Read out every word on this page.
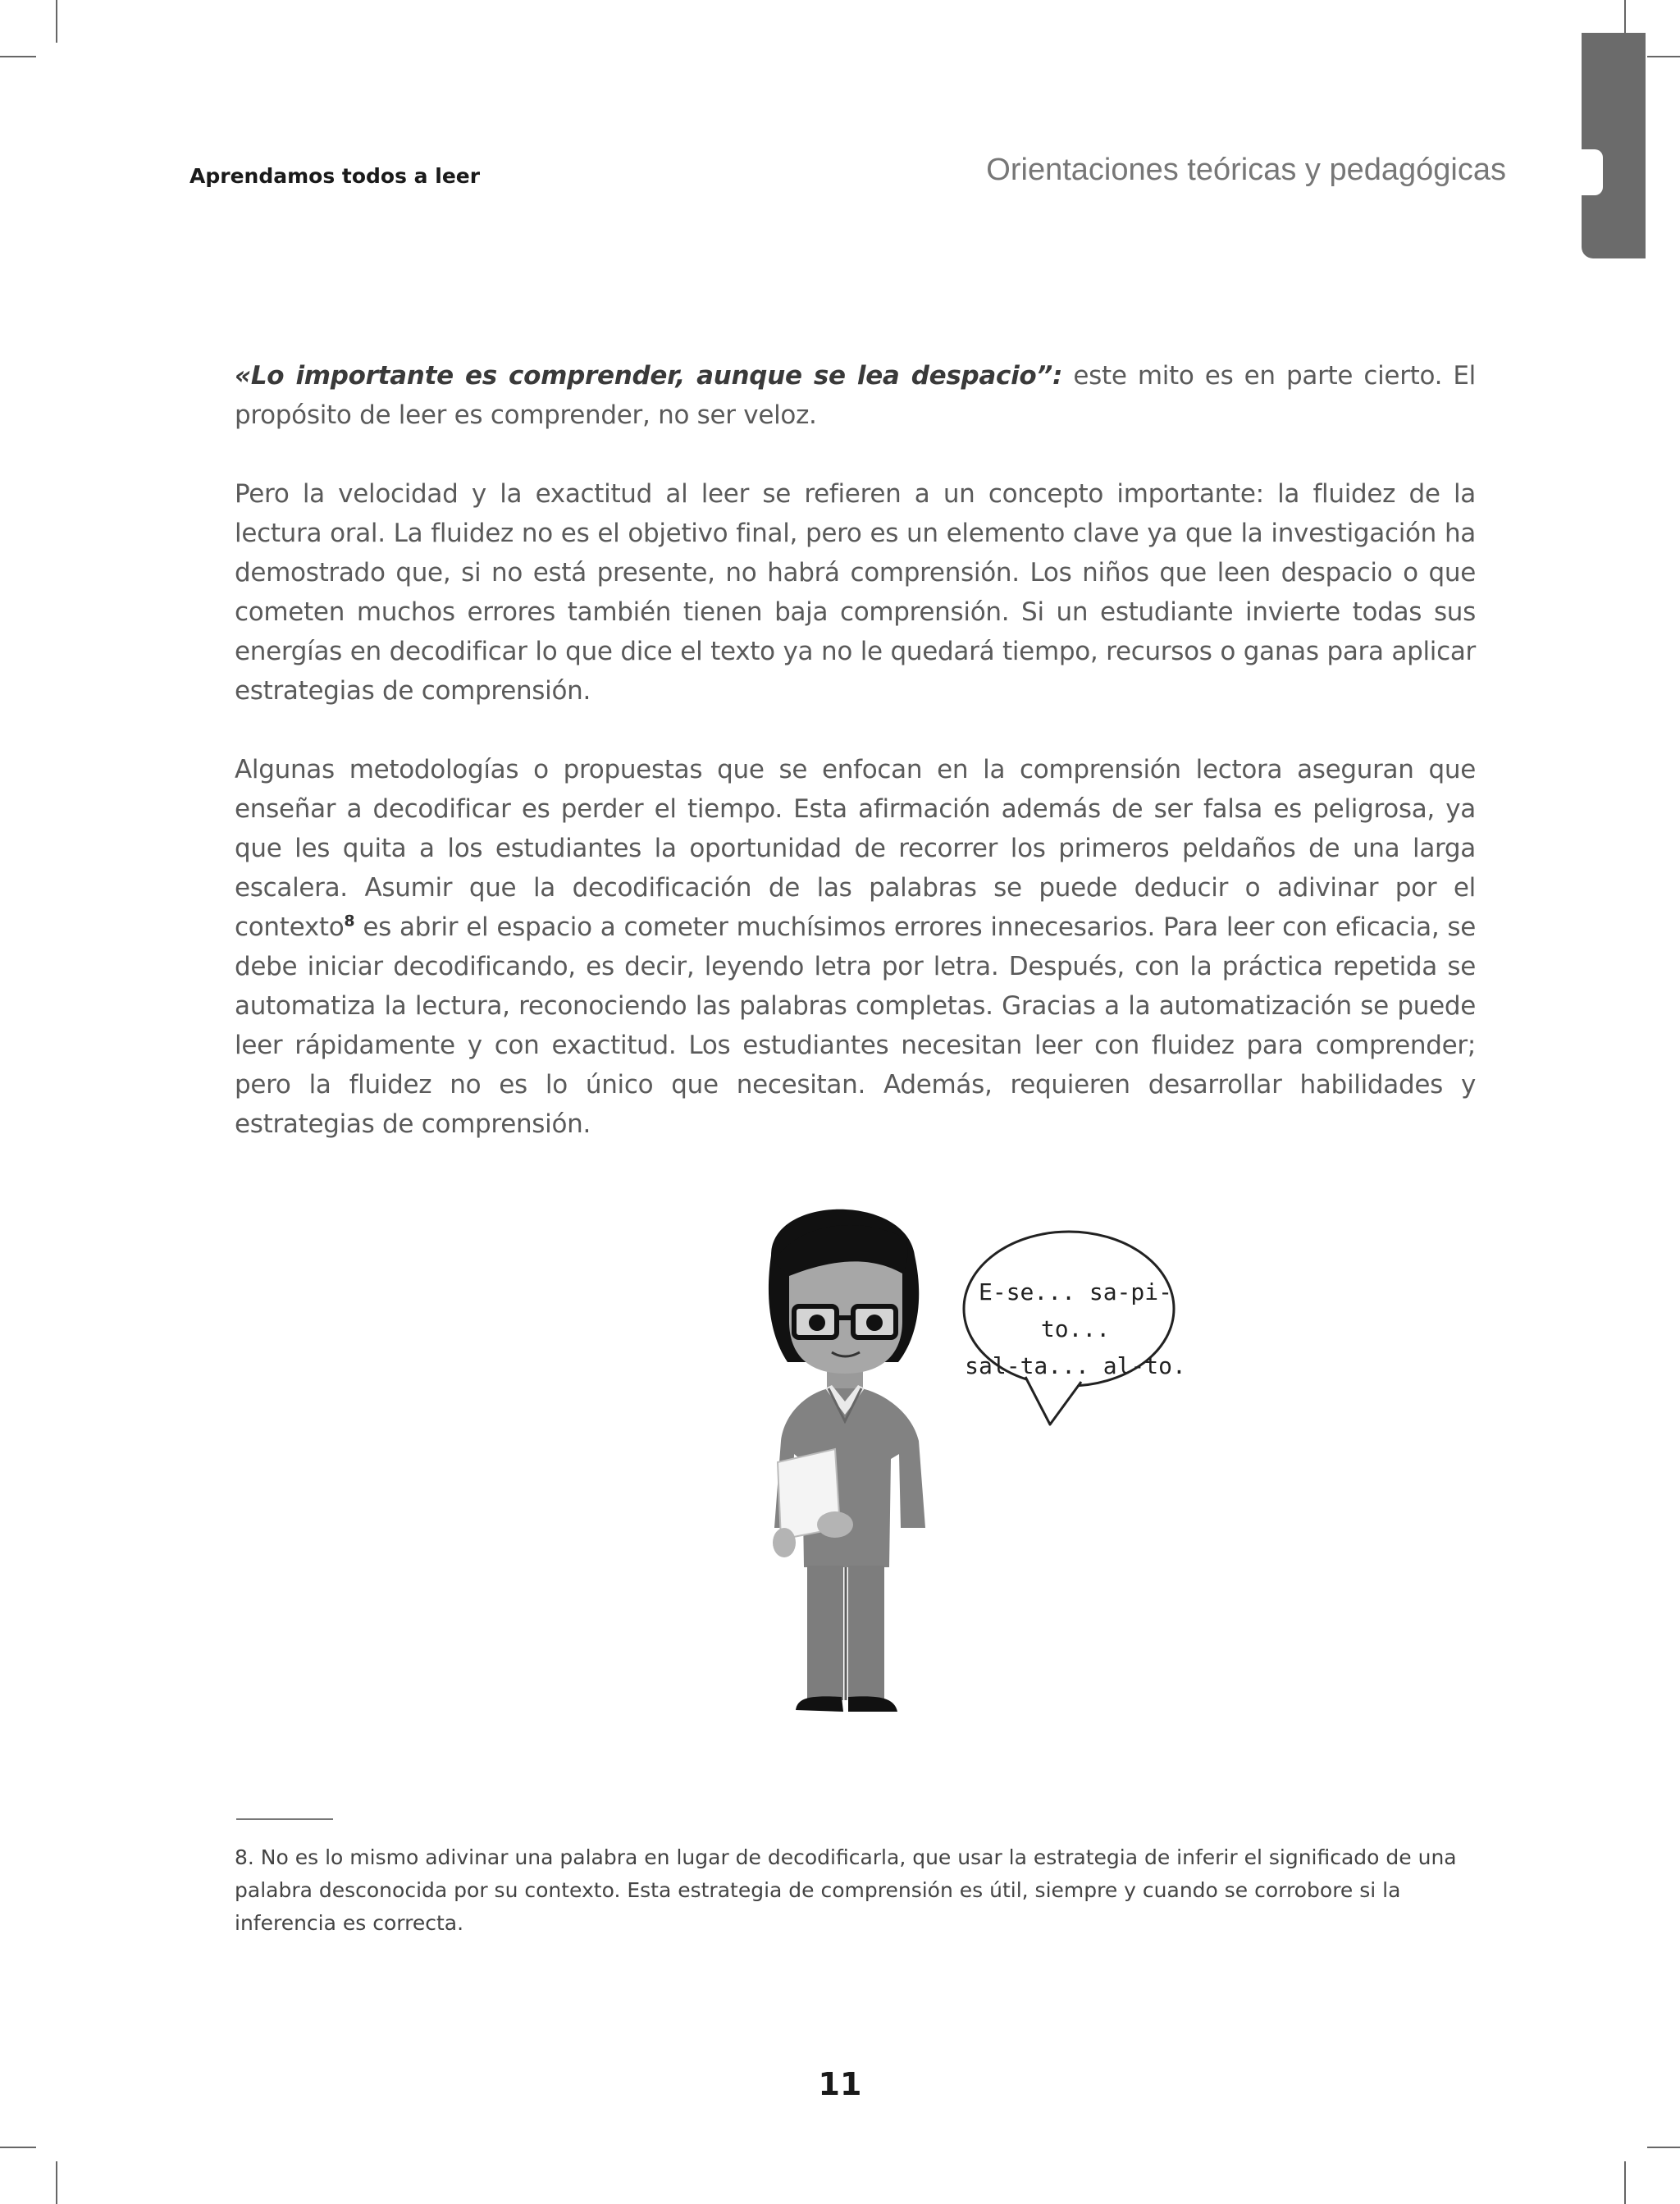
Aprendamos todos a leer	Orientaciones teóricas y pedagógicas

«Lo importante es comprender, aunque se lea despacio”: este mito es en parte cierto. El propósito de leer es comprender, no ser veloz.

Pero la velocidad y la exactitud al leer se refieren a un concepto importante: la fluidez de la lectura oral. La fluidez no es el objetivo final, pero es un elemento clave ya que la investigación ha demostrado que, si no está presente, no habrá comprensión. Los niños que leen despacio o que cometen muchos errores también tienen baja comprensión. Si un estudiante invierte todas sus energías en decodificar lo que dice el texto ya no le quedará tiempo, recursos o ganas para aplicar estrategias de comprensión.

Algunas metodologías o propuestas que se enfocan en la comprensión lectora aseguran que enseñar a decodificar es perder el tiempo. Esta afirmación además de ser falsa es peligrosa, ya que les quita a los estudiantes la oportunidad de recorrer los primeros peldaños de una larga escalera. Asumir que la decodificación de las palabras se puede deducir o adivinar por el contexto$^8$ es abrir el espacio a cometer muchísimos errores innecesarios. Para leer con eficacia, se debe iniciar decodificando, es decir, leyendo letra por letra. Después, con la práctica repetida se automatiza la lectura, reconociendo las palabras completas. Gracias a la automatización se puede leer rápidamente y con exactitud. Los estudiantes necesitan leer con fluidez para comprender; pero la fluidez no es lo único que necesitan. Además, requieren desarrollar habilidades y estrategias de comprensión.

E-se... sa-pi-to...
sal-ta... al-to.
8. No es lo mismo adivinar una palabra en lugar de decodificarla, que usar la estrategia de inferir el significado de una palabra desconocida por su contexto. Esta estrategia de comprensión es útil, siempre y cuando se corrobore si la inferencia es correcta.
11
